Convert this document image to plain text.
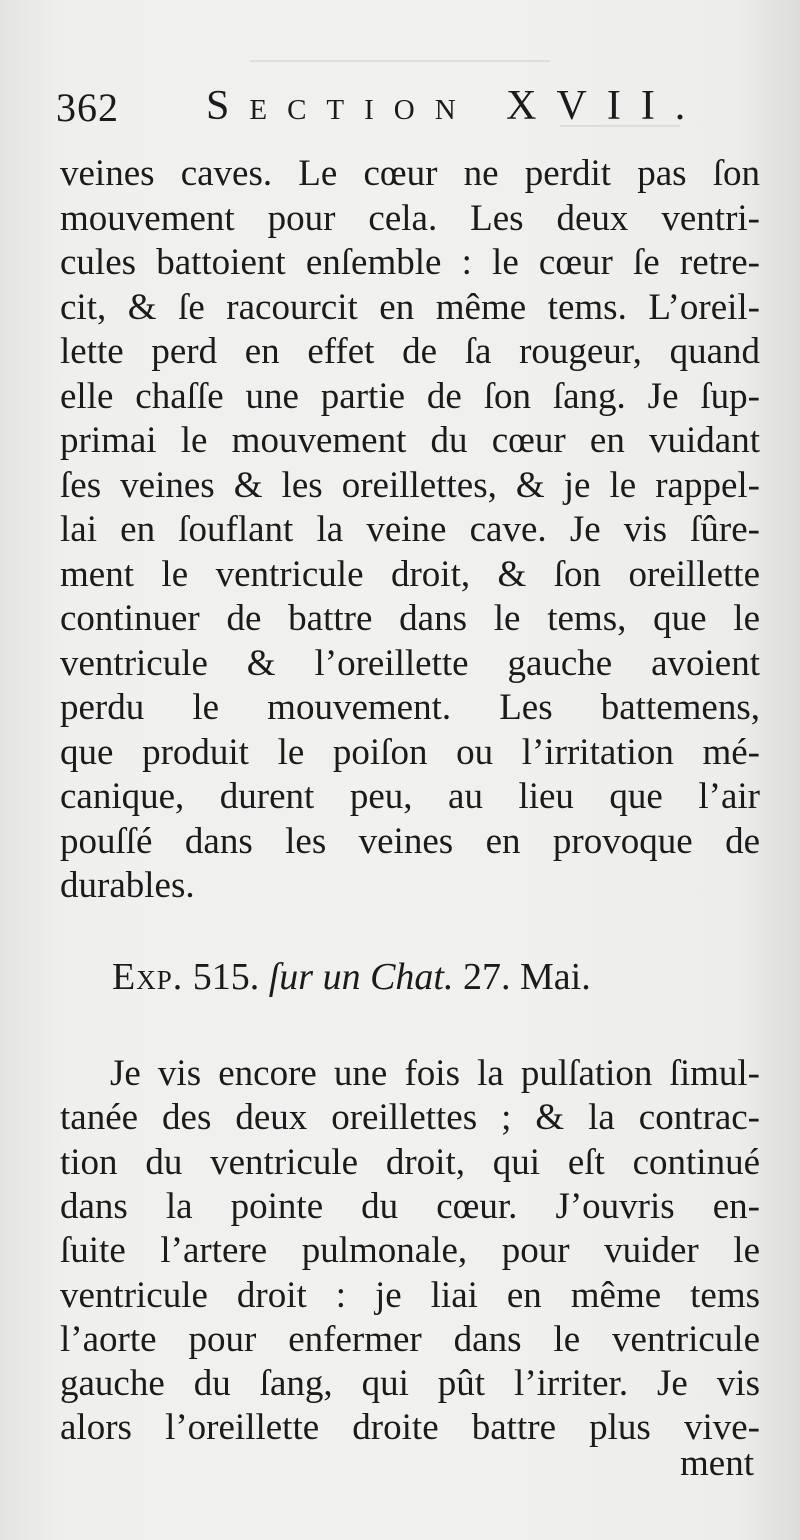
362 Section XVII.
veines caves. Le cœur ne perdit pas ſon
mouvement pour cela. Les deux ventri-
cules battoient enſemble : le cœur ſe retre-
cit, & ſe racourcit en même tems. L’oreil-
lette perd en effet de ſa rougeur, quand
elle chaſſe une partie de ſon ſang. Je ſup-
primai le mouvement du cœur en vuidant
ſes veines & les oreillettes, & je le rappel-
lai en ſouflant la veine cave. Je vis ſûre-
ment le ventricule droit, & ſon oreillette
continuer de battre dans le tems, que le
ventricule & l’oreillette gauche avoient
perdu le mouvement. Les battemens,
que produit le poiſon ou l’irritation mé-
canique, durent peu, au lieu que l’air
pouſſé dans les veines en provoque de
durables.
Exp. 515. ſur un Chat. 27. Mai.
Je vis encore une fois la pulſation ſimul-
tanée des deux oreillettes ; & la contrac-
tion du ventricule droit, qui eſt continué
dans la pointe du cœur. J’ouvris en-
ſuite l’artere pulmonale, pour vuider le
ventricule droit : je liai en même tems
l’aorte pour enfermer dans le ventricule
gauche du ſang, qui pût l’irriter. Je vis
alors l’oreillette droite battre plus vive-
ment
